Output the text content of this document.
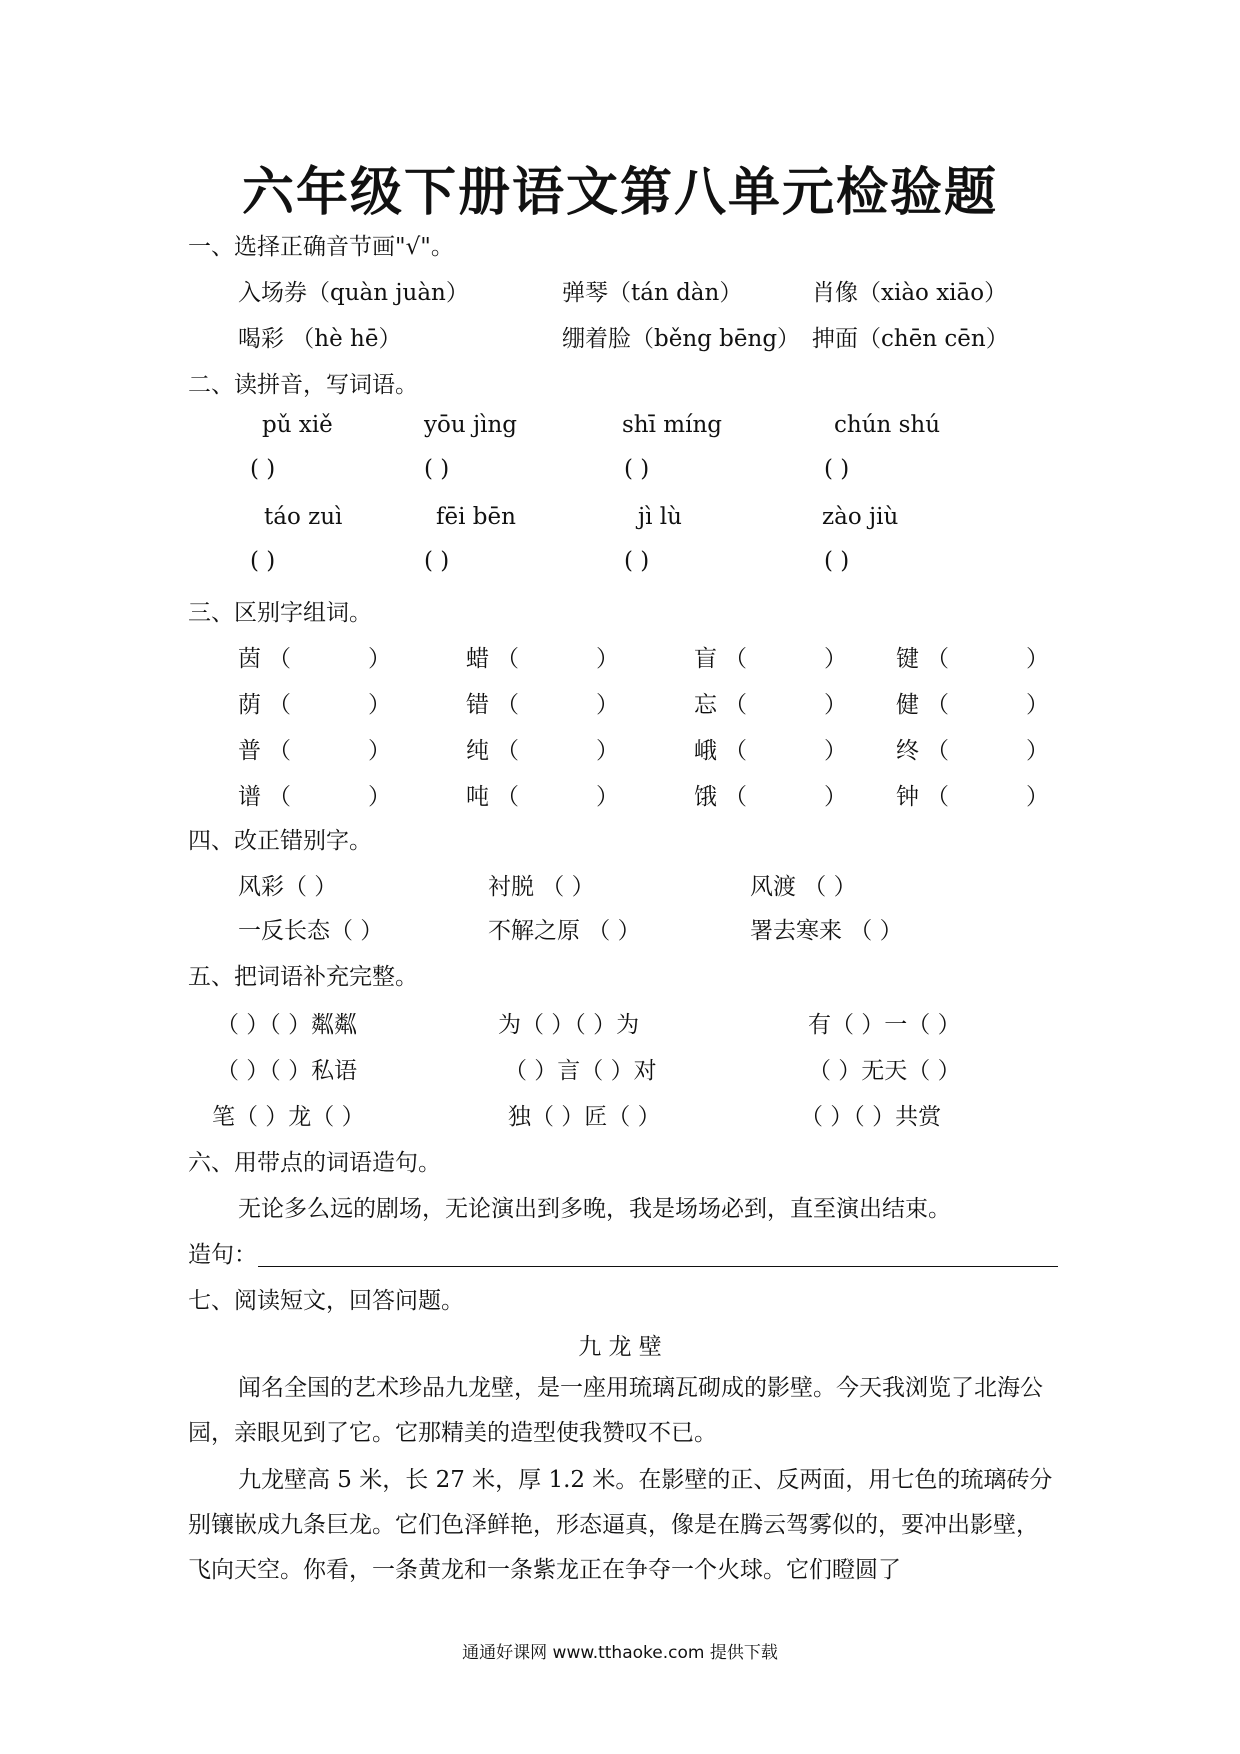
六年级下册语文第八单元检验题
一、选择正确音节画"√"。
入场券（quàn juàn）	弹琴（tán dàn）	肖像（xiào xiāo）
喝彩 （hè hē）	绷着脸（běng bēng） 抻面（chēn cēn）
二、读拼音，写词语。
pǔ xiě	yōu jìng	shī míng	chún shú
( )	( )	( )	( )
táo zuì	fēi bēn	jì lù	zào jiù
( )	( )	( )	( )
三、区别字组词。
茵 （	）	蜡 （	）	盲 （	） 键 （	）
荫 （	）	错 （	）	忘 （	） 健 （	）
普 （	）	纯 （	）	峨 （	） 终 （	）
谱 （	）	吨 （	）	饿 （	） 钟 （	）
四、改正错别字。
风彩（ ）	衬脱 （ ）	风渡 （ ）
一反长态（ ）	不解之原 （ ）	署去寒来 （ ）
五、把词语补充完整。
（ ）（ ）粼粼	为（ ）（ ）为	有（ ）一（ ）
（ ）（ ）私语	（ ）言（ ）对	（ ）无天（ ）
笔（ ）龙（ ）	独（ ）匠（ ）	（ ）（ ）共赏
六、用带点的词语造句。
无论多么远的剧场，无论演出到多晚，我是场场必到，直至演出结束。
造句：
七、阅读短文，回答问题。
九 龙 壁
闻名全国的艺术珍品九龙壁，是一座用琉璃瓦砌成的影壁。今天我浏览了北海公园，亲眼见到了它。它那精美的造型使我赞叹不已。
九龙壁高 5 米，长 27 米，厚 1.2 米。在影壁的正、反两面，用七色的琉璃砖分别镶嵌成九条巨龙。它们色泽鲜艳，形态逼真，像是在腾云驾雾似的，要冲出影壁，飞向天空。你看，一条黄龙和一条紫龙正在争夺一个火球。它们瞪圆了
通通好课网 www.tthaoke.com 提供下载
